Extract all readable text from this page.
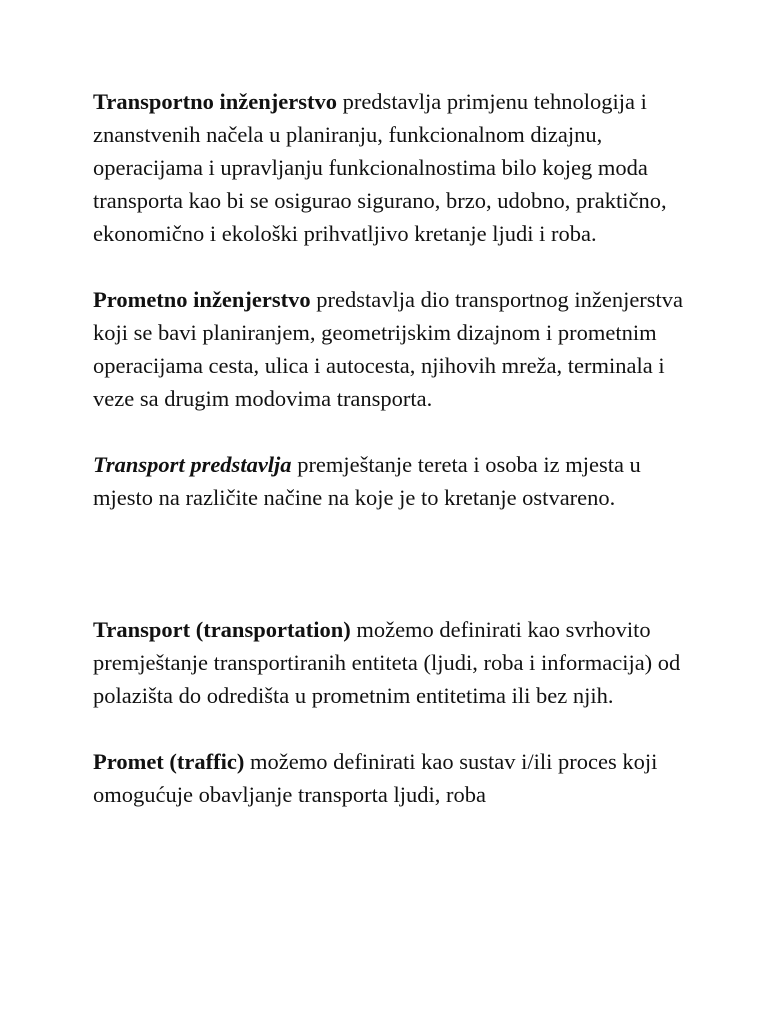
Transportno inženjerstvo predstavlja primjenu tehnologija i znanstvenih načela u planiranju, funkcionalnom dizajnu, operacijama i upravljanju funkcionalnostima bilo kojeg moda transporta kao bi se osigurao sigurano, brzo, udobno, praktično, ekonomično i ekološki prihvatljivo kretanje ljudi i roba.

Prometno inženjerstvo predstavlja dio transportnog inženjerstva koji se bavi planiranjem, geometrijskim dizajnom i prometnim operacijama cesta, ulica i autocesta, njihovih mreža, terminala i veze sa drugim modovima transporta.

Transport predstavlja premještanje tereta i osoba iz mjesta u mjesto na različite načine na koje je to kretanje ostvareno.

Transport (transportation) možemo definirati kao svrhovito premještanje transportiranih entiteta (ljudi, roba i informacija) od polazišta do odredišta u prometnim entitetima ili bez njih.

Promet (traffic) možemo definirati kao sustav i/ili proces koji omogućuje obavljanje transporta ljudi, roba
